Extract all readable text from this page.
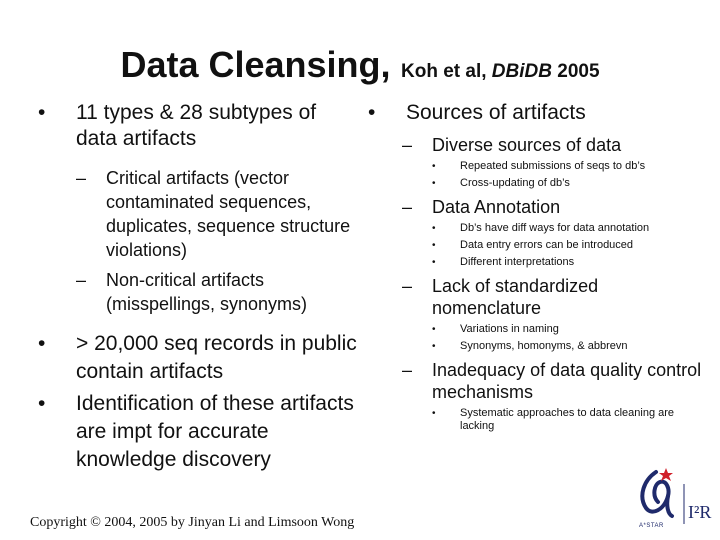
Data Cleansing, Koh et al, DBiDB 2005
•	11 types & 28 subtypes of data artifacts
–	Critical artifacts (vector contaminated sequences, duplicates, sequence structure violations)
–	Non-critical artifacts (misspellings, synonyms)
•	> 20,000 seq records in public contain artifacts
•	Identification of these artifacts are impt for accurate knowledge discovery
•	Sources of artifacts
–	Diverse sources of data
•	Repeated submissions of seqs to db’s
•	Cross-updating of db’s
–	Data Annotation
•	Db’s have diff ways for data annotation
•	Data entry errors can be introduced
•	Different interpretations
–	Lack of standardized nomenclature
•	Variations in naming
•	Synonyms, homonyms, & abbrevn
–	Inadequacy of data quality control mechanisms
•	Systematic approaches to data cleaning are lacking
Copyright © 2004, 2005 by Jinyan Li and Limsoon Wong	A*STAR
I²R
